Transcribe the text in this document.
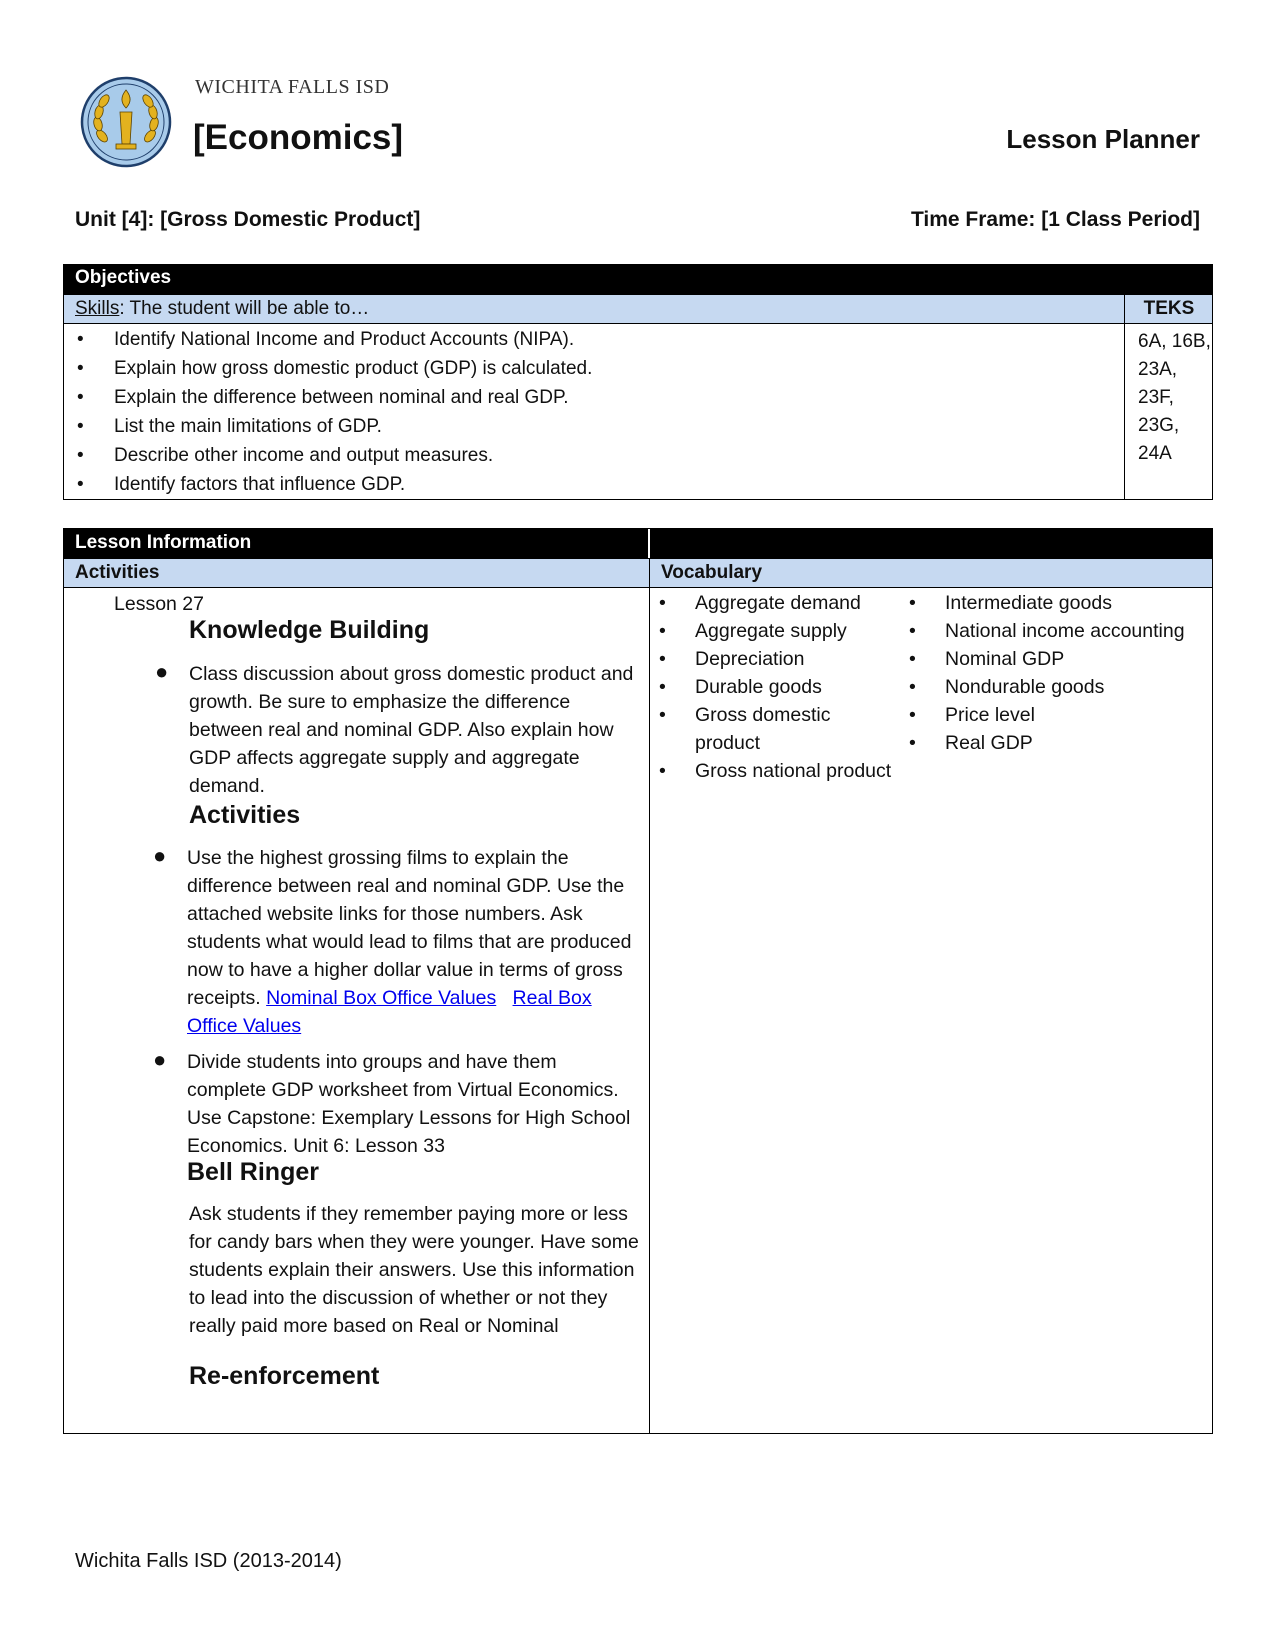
WICHITA FALLS ISD
[Economics]	Lesson Planner
Unit [4]: [Gross Domestic Product]	Time Frame: [1 Class Period]
Objectives
Skills: The student will be able to…	TEKS
• Identify National Income and Product Accounts (NIPA).
• Explain how gross domestic product (GDP) is calculated.
• Explain the difference between nominal and real GDP.
• List the main limitations of GDP.
• Describe other income and output measures.
• Identify factors that influence GDP.
6A, 16B, 23A,
23F, 23G,
24A
Lesson Information
Activities	Vocabulary
Lesson 27
Knowledge Building
● Class discussion about gross domestic product and growth. Be sure to emphasize the difference between real and nominal GDP. Also explain how GDP affects aggregate supply and aggregate demand.
Activities
● Use the highest grossing films to explain the difference between real and nominal GDP. Use the attached website links for those numbers. Ask students what would lead to films that are produced now to have a higher dollar value in terms of gross receipts. Nominal Box Office Values Real Box Office Values
● Divide students into groups and have them complete GDP worksheet from Virtual Economics. Use Capstone: Exemplary Lessons for High School Economics. Unit 6: Lesson 33
Bell Ringer
Ask students if they remember paying more or less for candy bars when they were younger. Have some students explain their answers. Use this information to lead into the discussion of whether or not they really paid more based on Real or Nominal
Re-enforcement
• Aggregate demand
• Aggregate supply
• Depreciation
• Durable goods
• Gross domestic product
• Gross national product
• Intermediate goods
• National income accounting
• Nominal GDP
• Nondurable goods
• Price level
• Real GDP
Wichita Falls ISD (2013-2014)
